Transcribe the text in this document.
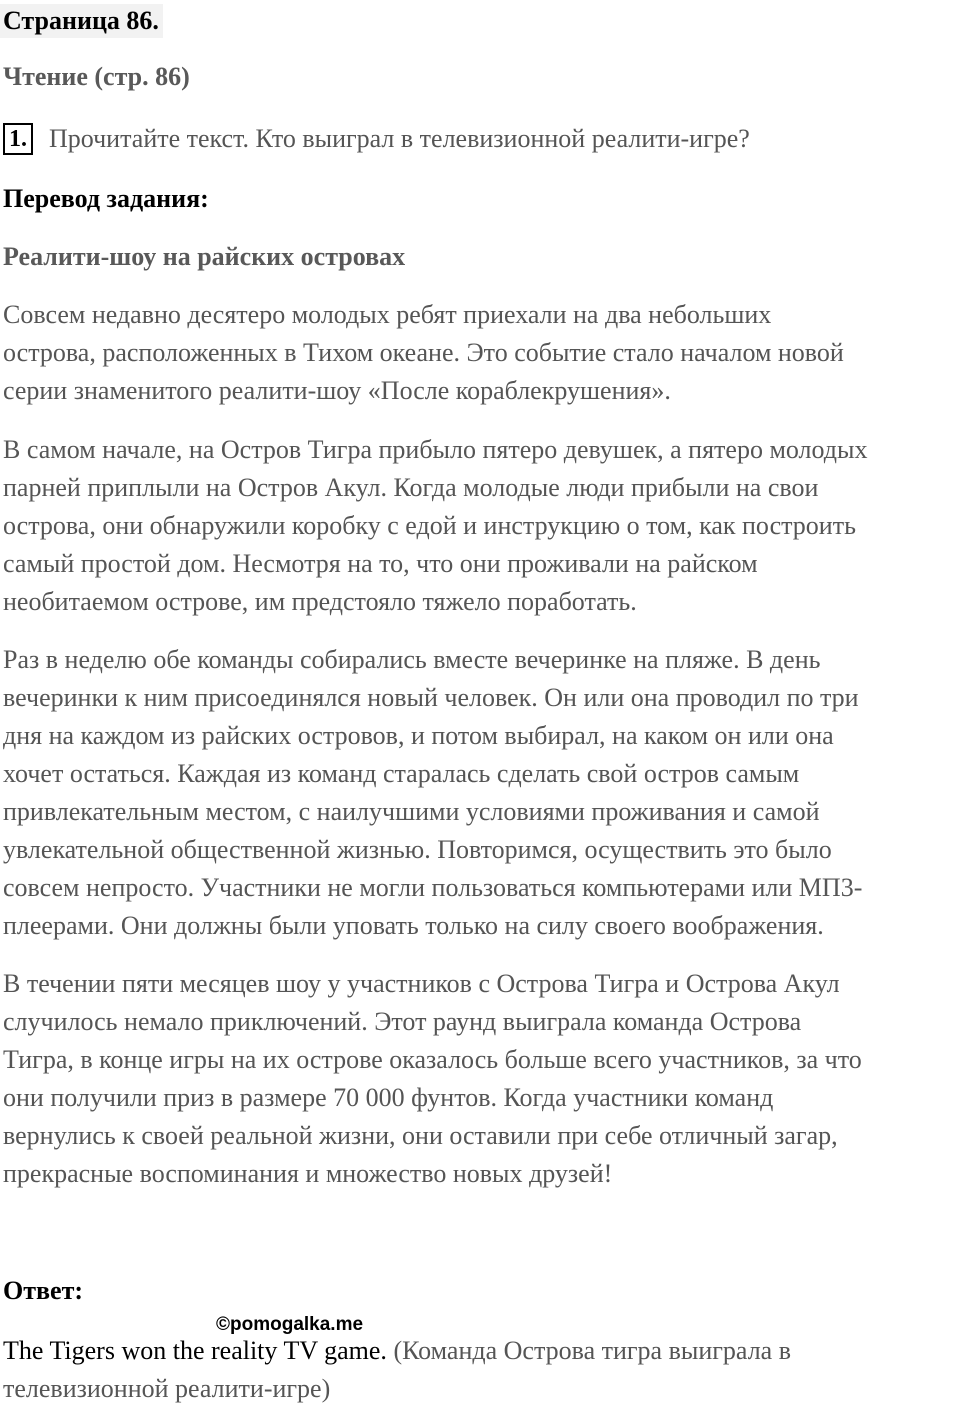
Страница 86.
Чтение (стр. 86)
1. Прочитайте текст. Кто выиграл в телевизионной реалити-игре?
Перевод задания:
Реалити-шоу на райских островах
Совсем недавно десятеро молодых ребят приехали на два небольших
острова, расположенных в Тихом океане. Это событие стало началом новой
серии знаменитого реалити-шоу «После кораблекрушения».
В самом начале, на Остров Тигра прибыло пятеро девушек, а пятеро молодых
парней приплыли на Остров Акул. Когда молодые люди прибыли на свои
острова, они обнаружили коробку с едой и инструкцию о том, как построить
самый простой дом. Несмотря на то, что они проживали на райском
необитаемом острове, им предстояло тяжело поработать.
Раз в неделю обе команды собирались вместе вечеринке на пляже. В день
вечеринки к ним присоединялся новый человек. Он или она проводил по три
дня на каждом из райских островов, и потом выбирал, на каком он или она
хочет остаться. Каждая из команд старалась сделать свой остров самым
привлекательным местом, с наилучшими условиями проживания и самой
увлекательной общественной жизнью. Повторимся, осуществить это было
совсем непросто. Участники не могли пользоваться компьютерами или МП3-
плеерами. Они должны были уповать только на силу своего воображения.
В течении пяти месяцев шоу у участников с Острова Тигра и Острова Акул
случилось немало приключений. Этот раунд выиграла команда Острова
Тигра, в конце игры на их острове оказалось больше всего участников, за что
они получили приз в размере 70 000 фунтов. Когда участники команд
вернулись к своей реальной жизни, они оставили при себе отличный загар,
прекрасные воспоминания и множество новых друзей!
Ответ:
©pomogalka.me
The Tigers won the reality TV game. (Команда Острова тигра выиграла в
телевизионной реалити-игре)
